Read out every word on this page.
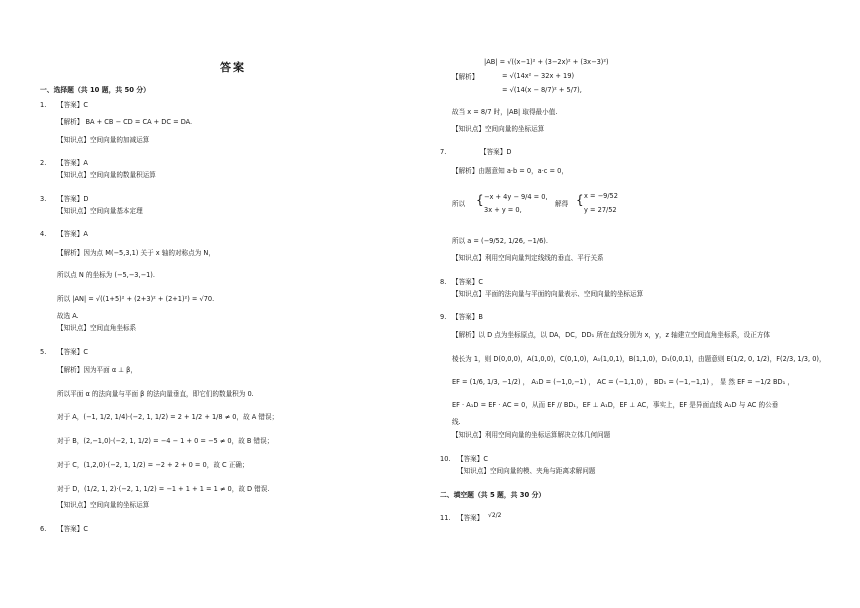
答案
一、选择题（共 10 题，共 50 分）
1. 【答案】C
【解析】 BA + CB − CD = CA + DC = DA.
【知识点】空间向量的加减运算
2. 【答案】A
【知识点】空间向量的数量积运算
3. 【答案】D
【知识点】空间向量基本定理
4. 【答案】A
【解析】因为点 M(−5,3,1) 关于 x 轴的对称点为 N，
所以点 N 的坐标为 (−5,−3,−1).
所以 |AN| = √((1+5)² + (2+3)² + (2+1)²) = √70.
故选 A.
【知识点】空间直角坐标系
5. 【答案】C
【解析】因为平面 α ⊥ β，
所以平面 α 的法向量与平面 β 的法向量垂直，即它们的数量积为 0.
对于 A，(−1, 1/2, 1/4)·(−2, 1, 1/2) = 2 + 1/2 + 1/8 ≠ 0，故 A 错误；
对于 B，(2,−1,0)·(−2, 1, 1/2) = −4 − 1 + 0 = −5 ≠ 0，故 B 错误；
对于 C，(1,2,0)·(−2, 1, 1/2) = −2 + 2 + 0 = 0，故 C 正确；
对于 D，(1/2, 1, 2)·(−2, 1, 1/2) = −1 + 1 + 1 = 1 ≠ 0，故 D 错误.
【知识点】空间向量的坐标运算
6. 【答案】C
【解析】
|AB| = √((x−1)² + (3−2x)² + (3x−3)²)
= √(14x² − 32x + 19)
= √(14(x − 8/7)² + 5/7),
故当 x = 8/7 时，|AB| 取得最小值.
【知识点】空间向量的坐标运算
7.	【答案】D
【解析】由题意知 a·b = 0，a·c = 0，
所以 { −x + 4y − 9/4 = 0,
3x + y = 0,
解得 { x = −9/52
y = 27/52
所以 a = (−9/52, 1/26, −1/6).
【知识点】利用空间向量判定线线的垂直、平行关系
8. 【答案】C
【知识点】平面的法向量与平面的向量表示、空间向量的坐标运算
9. 【答案】B
【解析】以 D 点为坐标原点，以 DA，DC，DD₁ 所在直线分别为 x，y，z 轴建立空间直角坐标系，设正方体
棱长为 1，则 D(0,0,0)，A(1,0,0)，C(0,1,0)，A₁(1,0,1)，B(1,1,0)，D₁(0,0,1)，由题意则 E(1/2, 0, 1/2)，F(2/3, 1/3, 0)，
EF = (1/6, 1/3, −1/2) ， A₁D = (−1,0,−1) ， AC = (−1,1,0) ， BD₁ = (−1,−1,1) ， 显 然 EF = −1/2 BD₁ ，
EF · A₁D = EF · AC = 0，从而 EF // BD₁，EF ⊥ A₁D，EF ⊥ AC，事实上，EF 是异面直线 A₁D 与 AC 的公垂
线.
【知识点】利用空间向量的坐标运算解决立体几何问题
10. 【答案】C
【知识点】空间向量的模、夹角与距离求解问题
二、填空题（共 5 题，共 30 分）
11. 【答案】 √2/2
